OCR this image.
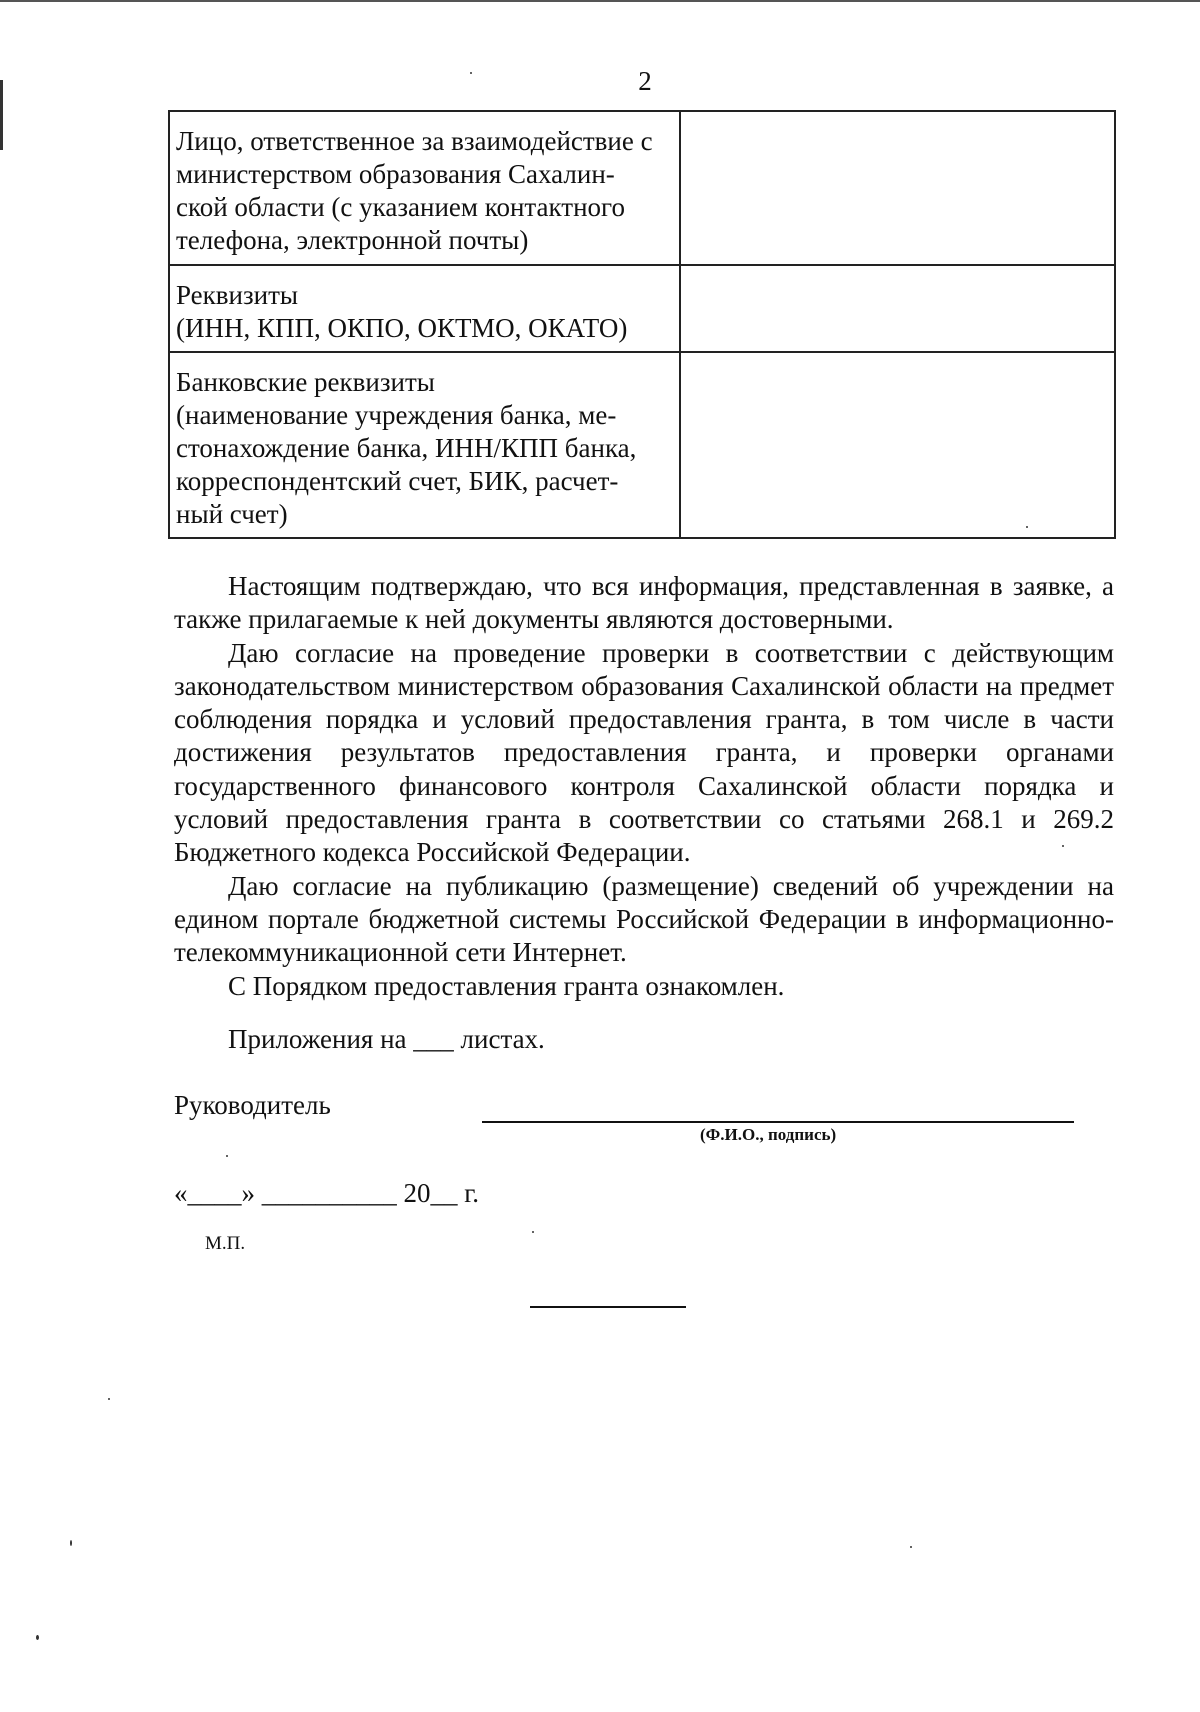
2
Лицо, ответственное за взаимодействие с
министерством образования Сахалин-
ской области (с указанием контактного
телефона, электронной почты)	

Реквизиты
(ИНН, КПП, ОКПО, ОКТМО, ОКАТО)	

Банковские реквизиты
(наименование учреждения банка, ме-
стонахождение банка, ИНН/КПП банка,
корреспондентский счет, БИК, расчет-
ный счет)	

Настоящим подтверждаю, что вся информация, представленная в заявке, а также прилагаемые к ней документы являются достоверными.

Даю согласие на проведение проверки в соответствии с действующим законодательством министерством образования Сахалинской области на предмет соблюдения порядка и условий предоставления гранта, в том числе в части достижения результатов предоставления гранта, и проверки органами государственного финансового контроля Сахалинской области порядка и условий предоставления гранта в соответствии со статьями 268.1 и 269.2 Бюджетного кодекса Российской Федерации.

Даю согласие на публикацию (размещение) сведений об учреждении на едином портале бюджетной системы Российской Федерации в информационно-телекоммуникационной сети Интернет.

С Порядком предоставления гранта ознакомлен.

Приложения на ___ листах.

Руководитель
(Ф.И.О., подпись)
«____» __________ 20__ г.
М.П.
